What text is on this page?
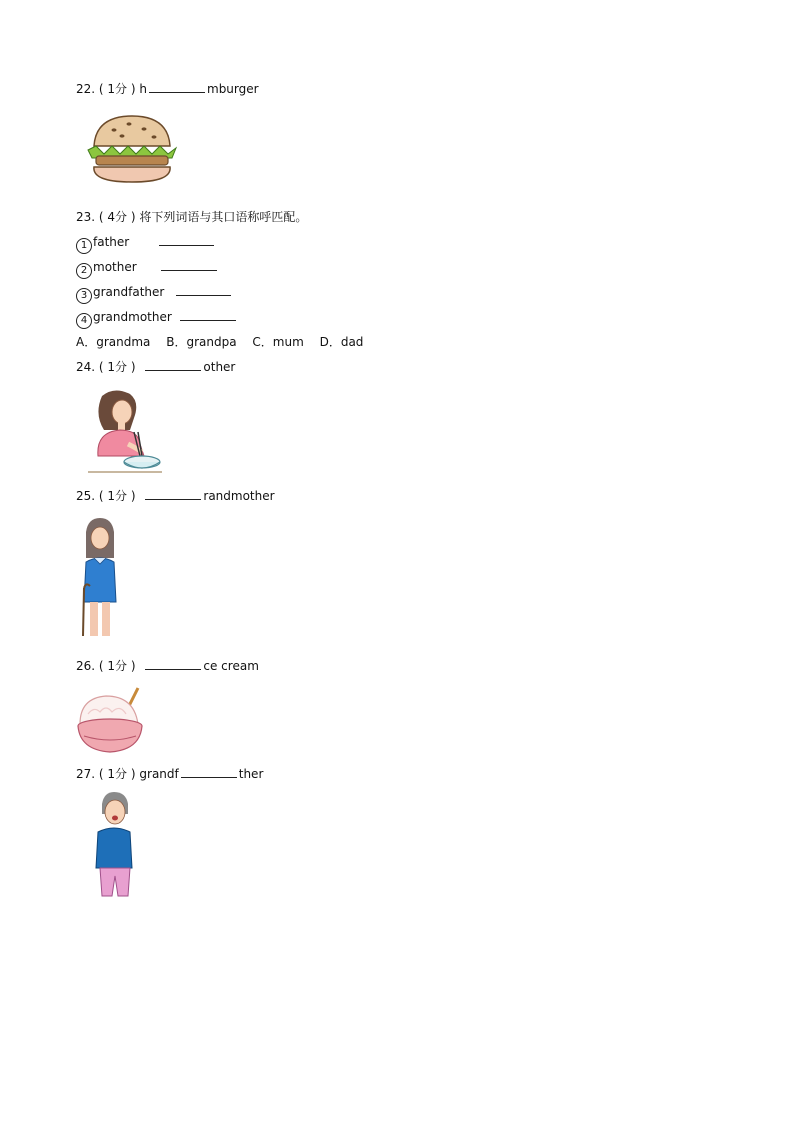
22. ( 1分 ) h	mburger
23. ( 4分 ) 将下列词语与其口语称呼匹配。
1 father
2 mother
3 grandfather
4 grandmother
A．grandma B．grandpa C．mum D．dad
24. ( 1分 )	other
25. ( 1分 )	randmother
26. ( 1分 )	ce cream
27. ( 1分 ) grandf	ther
